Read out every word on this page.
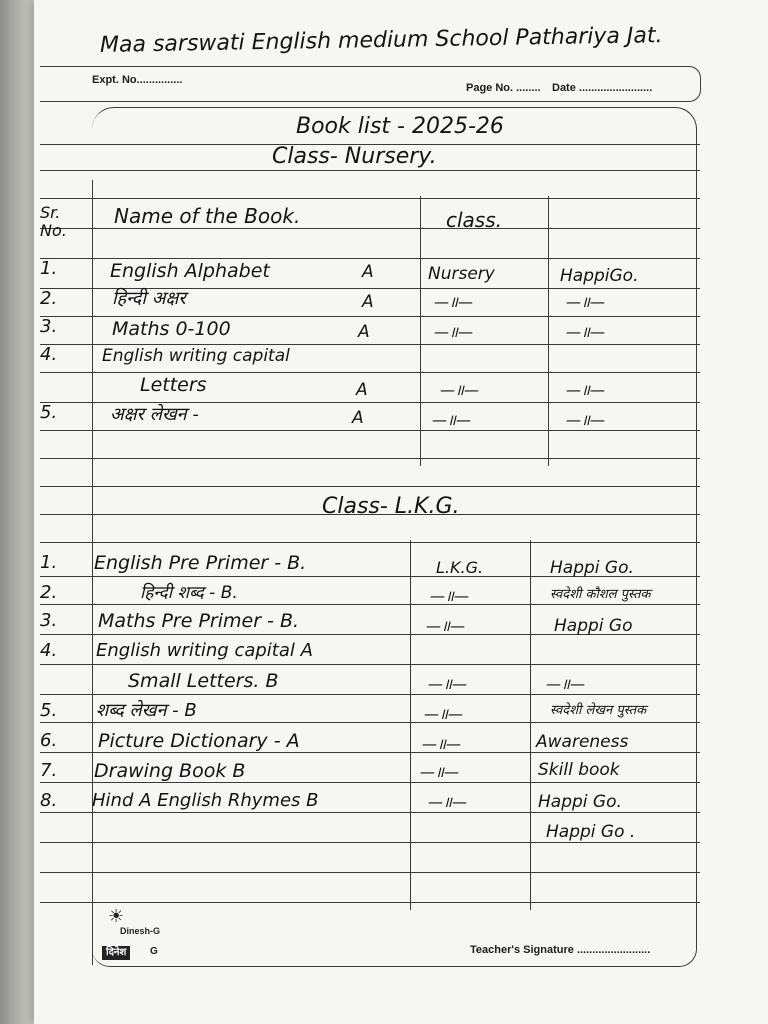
Maa sarswati English medium School Pathariya Jat.
Expt. No...............
Page No. ........ Date ........................
Book list - 2025-26
Class- Nursery.
Sr. No.
Name of the Book.	class.
1.	English Alphabet	A	Nursery	HappiGo.
2.	हिन्दी अक्षर	A	—॥—	—॥—
3.	Maths 0-100	A	—॥—	—॥—
4.	English writing capital
Letters	A	—॥—	—॥—
5.	अक्षर लेखन -	A	—॥—	—॥—
Class- L.K.G.
1. English Pre Primer - B.	L.K.G.	Happi Go.
2.	हिन्दी शब्द - B.	—॥—	स्वदेशी कौशल पुस्तक
3. Maths Pre Primer - B.	—॥—	Happi Go
4. English writing capital A
Small Letters. B	—॥—	—॥—
5. शब्द लेखन - B	—॥—	स्वदेशी लेखन पुस्तक
6. Picture Dictionary - A	—॥—	Awareness
7. Drawing Book B	—॥—	Skill book
8. Hind A English Rhymes B	—॥—	Happi Go.
Happi Go .
☀
Dinesh-G
दिनेश	G	Teacher's Signature ........................
